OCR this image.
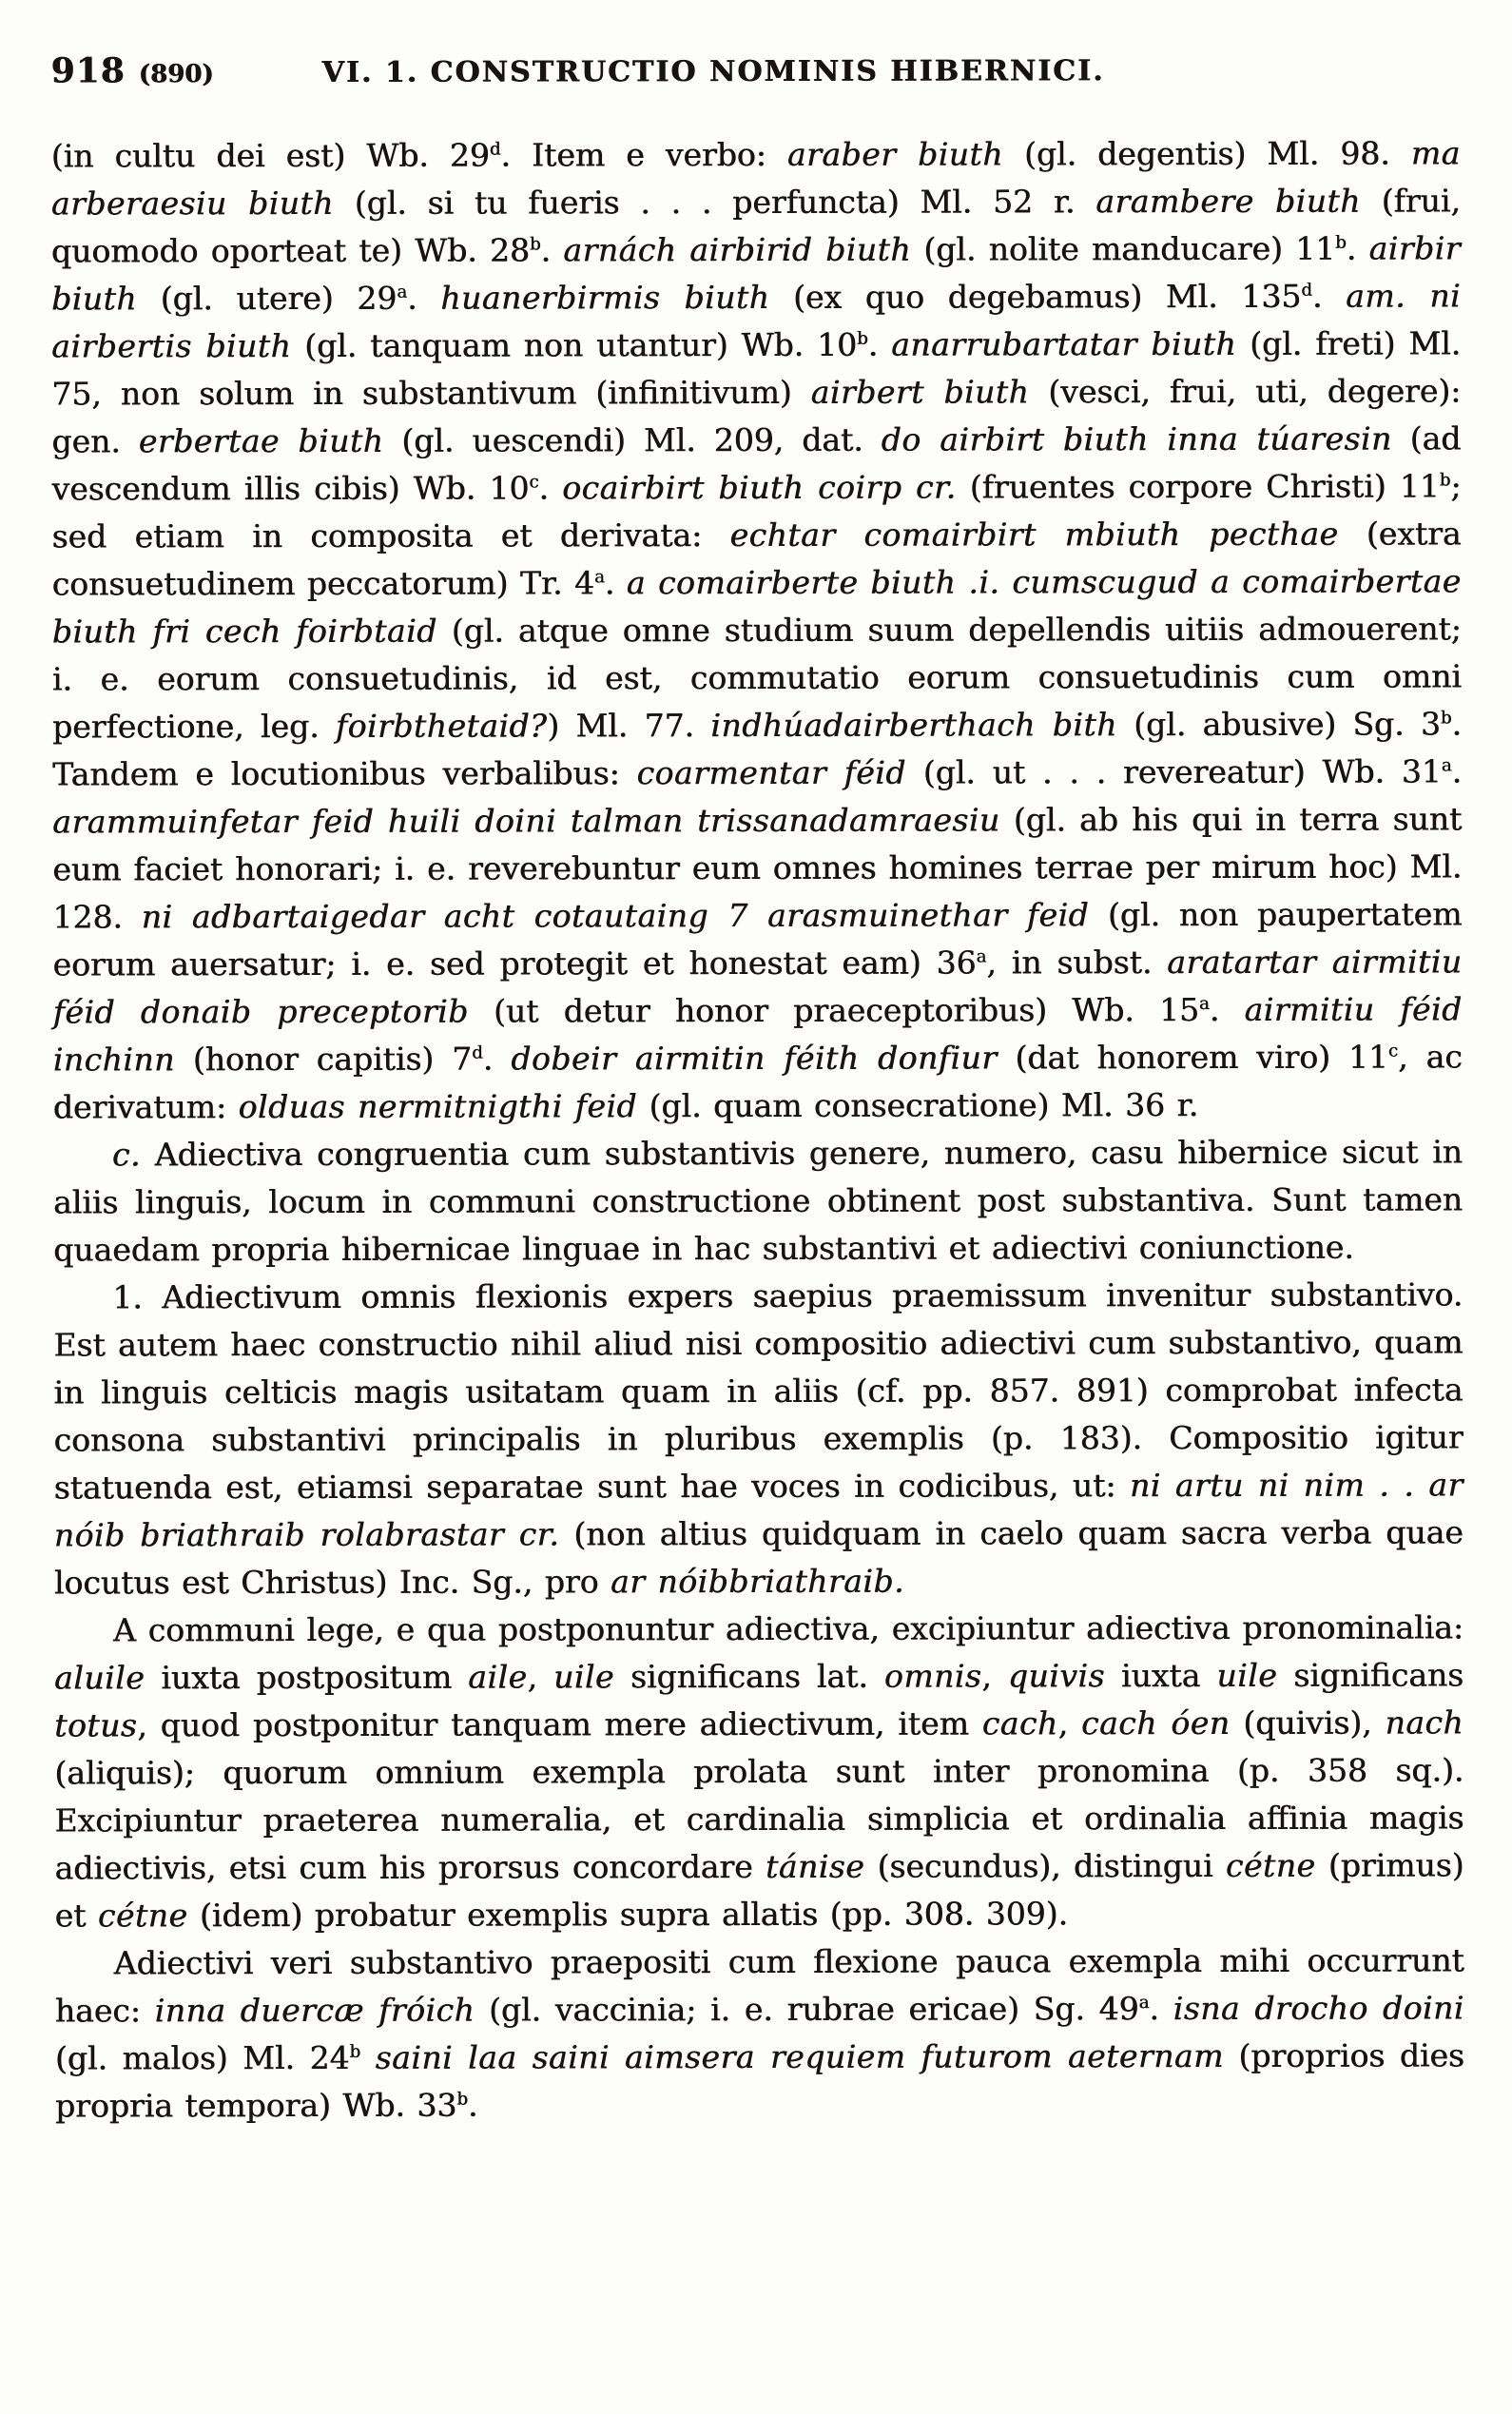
918 (890)	VI. 1. CONSTRUCTIO NOMINIS HIBERNICI.

(in cultu dei est) Wb. 29$^d$. Item e verbo: araber biuth (gl. degentis) Ml. 98. ma arberaesiu biuth (gl. si tu fueris . . . perfuncta) Ml. 52 r. arambere biuth (frui, quomodo oporteat te) Wb. 28$^b$. arnách airbirid biuth (gl. nolite manducare) 11$^b$. airbir biuth (gl. utere) 29$^a$. huanerbirmis biuth (ex quo degebamus) Ml. 135$^d$. am. ni airbertis biuth (gl. tanquam non utantur) Wb. 10$^b$. anarrubartatar biuth (gl. freti) Ml. 75, non solum in substantivum (infinitivum) airbert biuth (vesci, frui, uti, degere): gen. erbertae biuth (gl. uescendi) Ml. 209, dat. do airbirt biuth inna túaresin (ad vescendum illis cibis) Wb. 10$^c$. ocairbirt biuth coirp cr. (fruentes corpore Christi) 11$^b$; sed etiam in composita et derivata: echtar comairbirt mbiuth pecthae (extra consuetudinem peccatorum) Tr. 4$^a$. a comairberte biuth .i. cumscugud a comairbertae biuth fri cech foirbtaid (gl. atque omne studium suum depellendis uitiis admouerent; i. e. eorum consuetudinis, id est, commutatio eorum consuetudinis cum omni perfectione, leg. foirbthetaid?) Ml. 77. indhúadairberthach bith (gl. abusive) Sg. 3$^b$. Tandem e locutionibus verbalibus: coarmentar féid (gl. ut . . . revereatur) Wb. 31$^a$. arammuinfetar feid huili doini talman trissanadamraesiu (gl. ab his qui in terra sunt eum faciet honorari; i. e. reverebuntur eum omnes homines terrae per mirum hoc) Ml. 128. ni adbartaigedar acht cotautaing 7 arasmuinethar feid (gl. non paupertatem eorum auersatur; i. e. sed protegit et honestat eam) 36$^a$, in subst. aratartar airmitiu féid donaib preceptorib (ut detur honor praeceptoribus) Wb. 15$^a$. airmitiu féid inchinn (honor capitis) 7$^d$. dobeir airmitin féith donfiur (dat honorem viro) 11$^c$, ac derivatum: olduas nermitnigthi feid (gl. quam consecratione) Ml. 36 r.

c. Adiectiva congruentia cum substantivis genere, numero, casu hibernice sicut in aliis linguis, locum in communi constructione obtinent post substantiva. Sunt tamen quaedam propria hibernicae linguae in hac substantivi et adiectivi coniunctione.

1. Adiectivum omnis flexionis expers saepius praemissum invenitur substantivo. Est autem haec constructio nihil aliud nisi compositio adiectivi cum substantivo, quam in linguis celticis magis usitatam quam in aliis (cf. pp. 857. 891) comprobat infecta consona substantivi principalis in pluribus exemplis (p. 183). Compositio igitur statuenda est, etiamsi separatae sunt hae voces in codicibus, ut: ni artu ni nim . . ar nóib briathraib rolabrastar cr. (non altius quidquam in caelo quam sacra verba quae locutus est Christus) Inc. Sg., pro ar nóibbriathraib.

A communi lege, e qua postponuntur adiectiva, excipiuntur adiectiva pronominalia: aluile iuxta postpositum aile, uile significans lat. omnis, quivis iuxta uile significans totus, quod postponitur tanquam mere adiectivum, item cach, cach óen (quivis), nach (aliquis); quorum omnium exempla prolata sunt inter pronomina (p. 358 sq.). Excipiuntur praeterea numeralia, et cardinalia simplicia et ordinalia affinia magis adiectivis, etsi cum his prorsus concordare tánise (secundus), distingui cétne (primus) et cétne (idem) probatur exemplis supra allatis (pp. 308. 309).

Adiectivi veri substantivo praepositi cum flexione pauca exempla mihi occurrunt haec: inna duercæ fróich (gl. vaccinia; i. e. rubrae ericae) Sg. 49$^a$. isna drocho doini (gl. malos) Ml. 24$^b$ saini laa saini aimsera requiem futurom aeternam (proprios dies propria tempora) Wb. 33$^b$.
